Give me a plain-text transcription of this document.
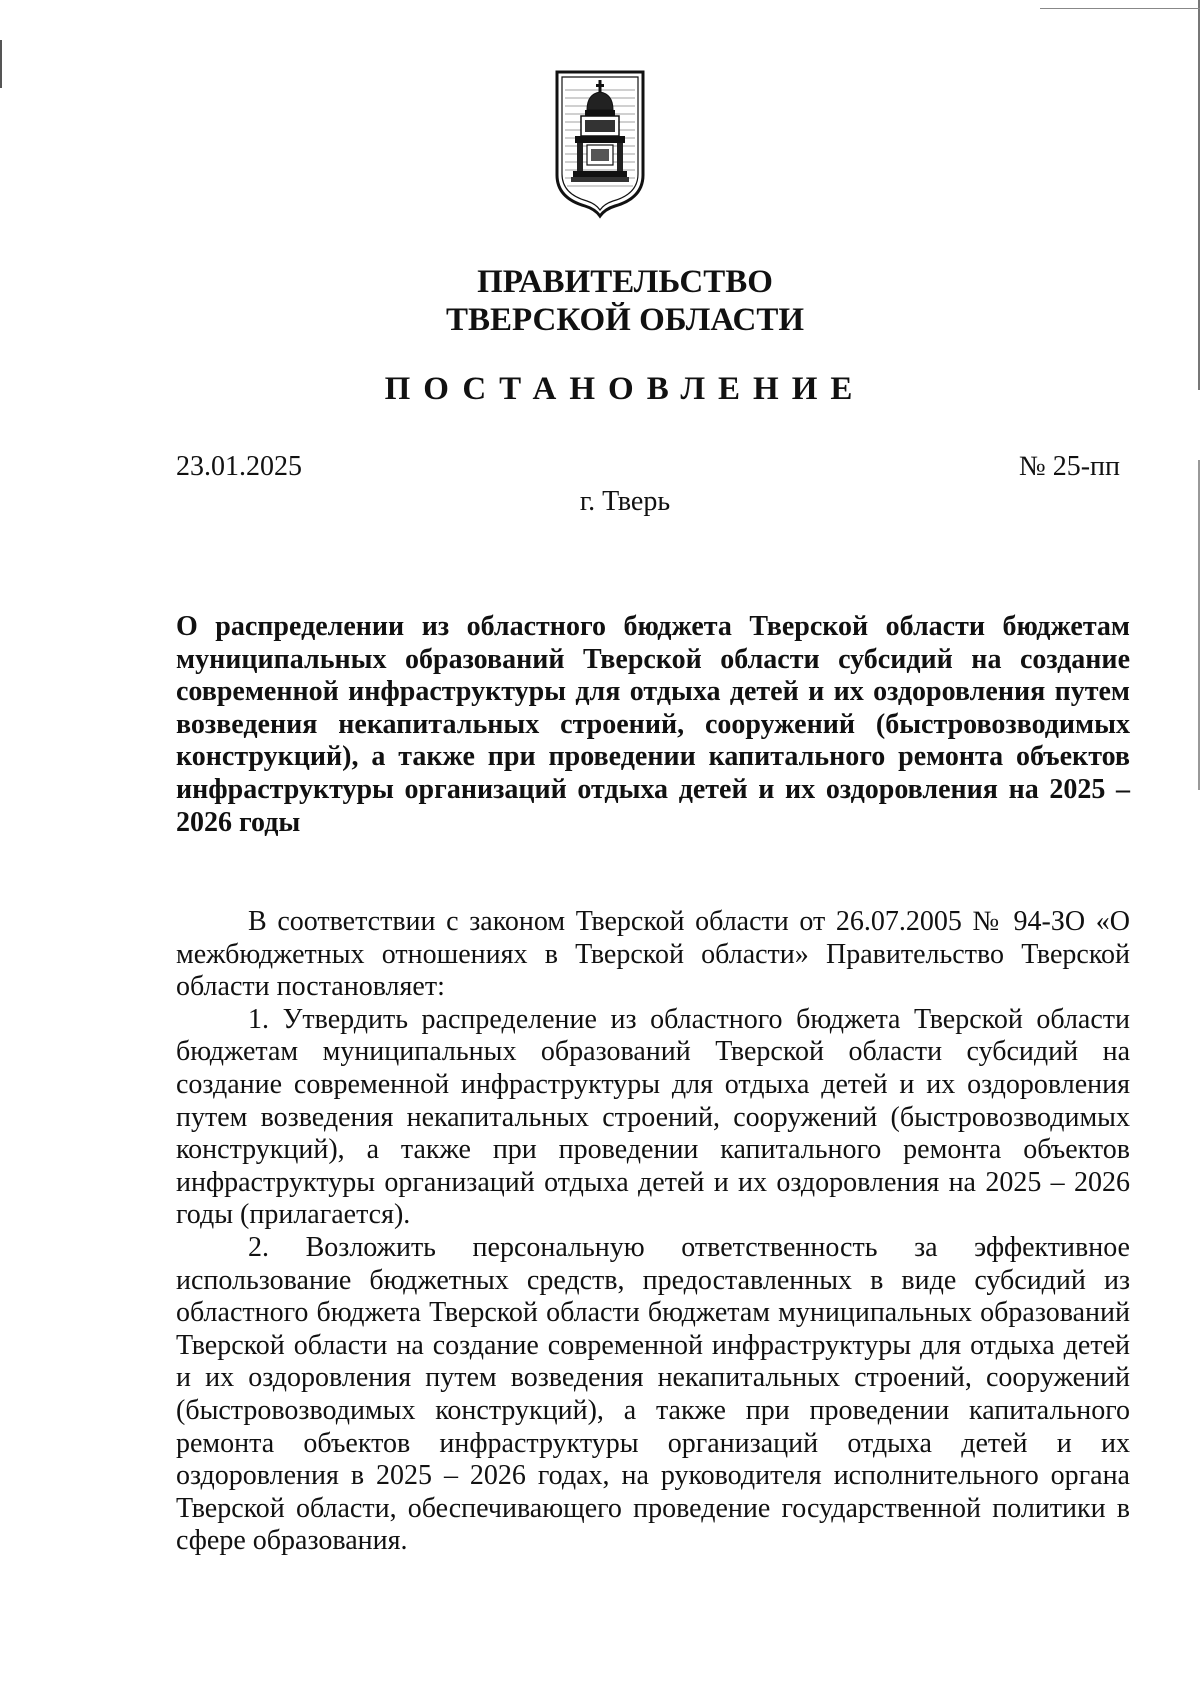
ПРАВИТЕЛЬСТВО
ТВЕРСКОЙ ОБЛАСТИ
ПОСТАНОВЛЕНИЕ
23.01.2025	№ 25-пп
г. Тверь
О распределении из областного бюджета Тверской области бюджетам муниципальных образований Тверской области субсидий на создание современной инфраструктуры для отдыха детей и их оздоровления путем возведения некапитальных строений, сооружений (быстровозводимых конструкций), а также при проведении капитального ремонта объектов инфраструктуры организаций отдыха детей и их оздоровления на 2025 – 2026 годы

В соответствии с законом Тверской области от 26.07.2005 № 94-ЗО «О межбюджетных отношениях в Тверской области» Правительство Тверской области постановляет:

1. Утвердить распределение из областного бюджета Тверской области бюджетам муниципальных образований Тверской области субсидий на создание современной инфраструктуры для отдыха детей и их оздоровления путем возведения некапитальных строений, сооружений (быстровозводимых конструкций), а также при проведении капитального ремонта объектов инфраструктуры организаций отдыха детей и их оздоровления на 2025 – 2026 годы (прилагается).

2. Возложить персональную ответственность за эффективное использование бюджетных средств, предоставленных в виде субсидий из областного бюджета Тверской области бюджетам муниципальных образований Тверской области на создание современной инфраструктуры для отдыха детей и их оздоровления путем возведения некапитальных строений, сооружений (быстровозводимых конструкций), а также при проведении капитального ремонта объектов инфраструктуры организаций отдыха детей и их оздоровления в 2025 – 2026 годах, на руководителя исполнительного органа Тверской области, обеспечивающего проведение государственной политики в сфере образования.
